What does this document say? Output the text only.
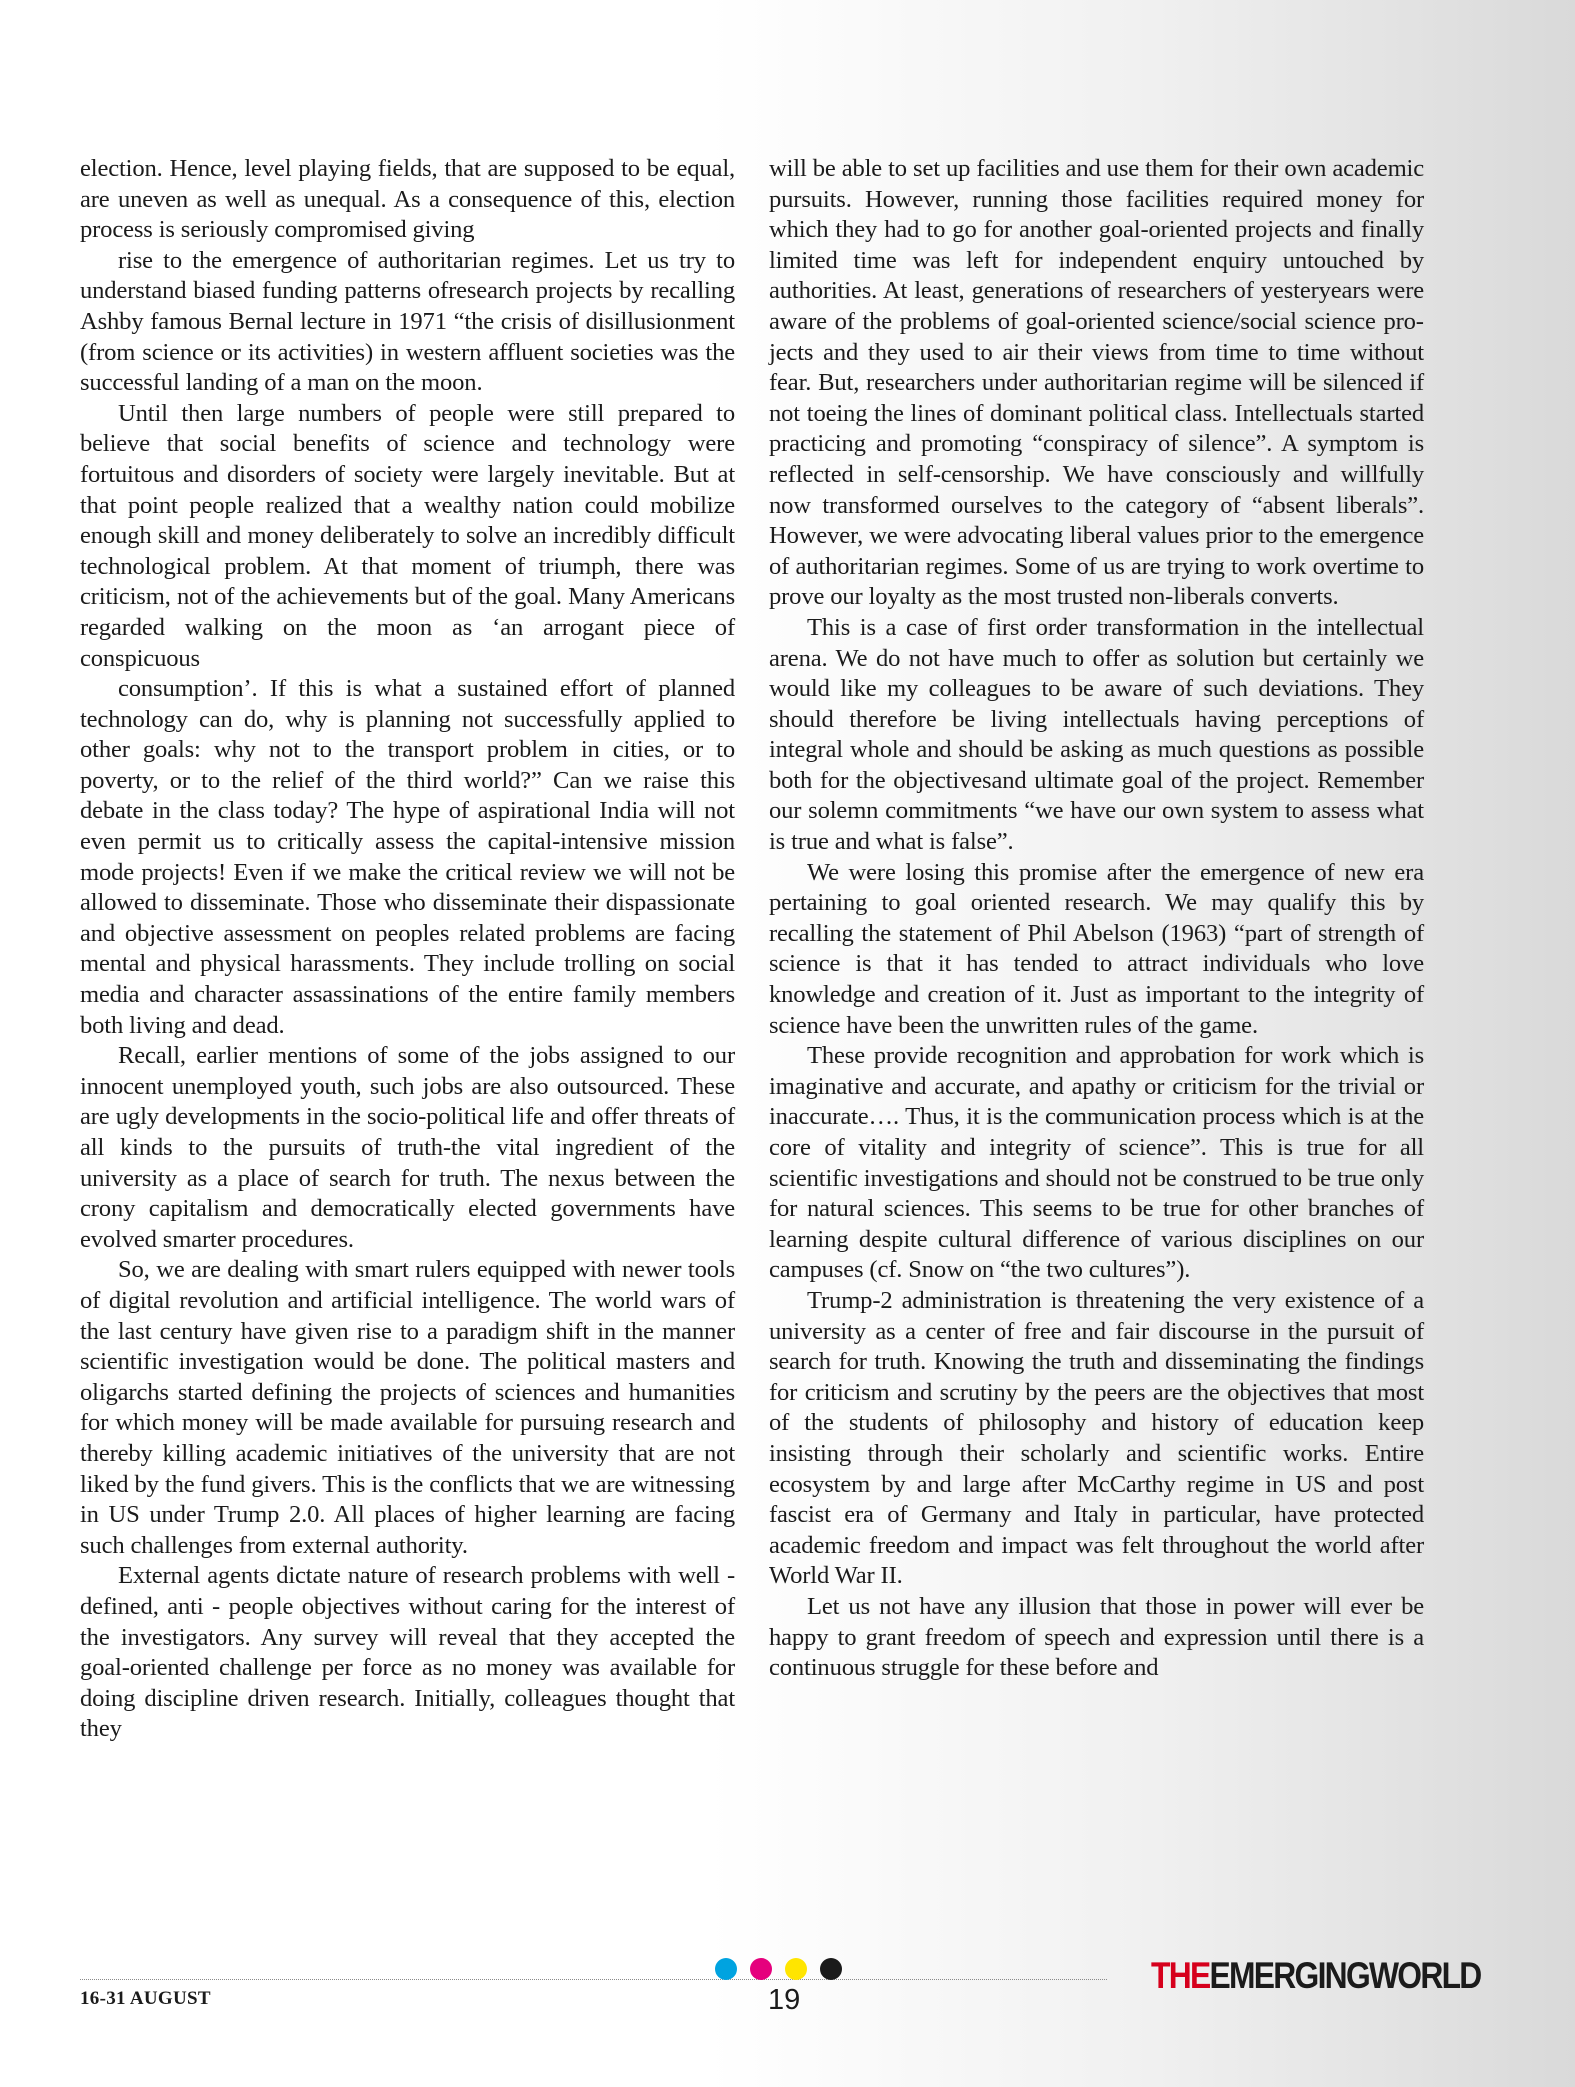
election. Hence, level playing fields, that are supposed to be equal, are uneven as well as unequal. As a consequence of this, election process is seriously compromised giving

rise to the emergence of authoritarian regimes. Let us try to understand biased funding patterns ofresearch projects by recalling Ashby famous Bernal lecture in 1971 “the crisis of disillusionment (from science or its activities) in western affluent societies was the successful landing of a man on the moon.

Until then large numbers of people were still prepared to believe that social benefits of science and technology were fortuitous and disorders of society were largely inevitable. But at that point people realized that a wealthy nation could mobilize enough skill and money deliberately to solve an incredibly difficult technological problem. At that moment of triumph, there was criticism, not of the achievements but of the goal. Many Americans regarded walking on the moon as ‘an arrogant piece of conspicuous

consumption’. If this is what a sustained effort of planned technology can do, why is planning not successfully applied to other goals: why not to the transport problem in cities, or to poverty, or to the relief of the third world?” Can we raise this debate in the class today? The hype of aspirational India will not even permit us to critically assess the capital-intensive mission mode projects! Even if we make the critical review we will not be allowed to disseminate. Those who disseminate their dispassionate and objective assessment on peoples related problems are facing mental and physical harassments. They include trolling on social media and character assassinations of the entire family members both living and dead.

Recall, earlier mentions of some of the jobs assigned to our innocent unemployed youth, such jobs are also outsourced. These are ugly developments in the socio-political life and offer threats of all kinds to the pursuits of truth-the vital ingredient of the university as a place of search for truth. The nexus between the crony capitalism and democratically elected governments have evolved smarter procedures.

So, we are dealing with smart rulers equipped with newer tools of digital revolution and artificial intelligence. The world wars of the last century have given rise to a paradigm shift in the manner scientific investigation would be done. The political masters and oligarchs started defining the projects of sciences and humanities for which money will be made available for pursuing research and thereby killing academic initiatives of the university that are not liked by the fund givers. This is the conflicts that we are witnessing in US under Trump 2.0. All places of higher learning are facing such challenges from external authority.

External agents dictate nature of research problems with well -defined, anti - people objectives without caring for the interest of the investigators. Any survey will reveal that they accepted the goal-oriented challenge per force as no money was available for doing discipline driven research. Initially, colleagues thought that they

will be able to set up facilities and use them for their own academic pursuits. However, running those facilities required money for which they had to go for another goal-oriented projects and finally limited time was left for independent enquiry untouched by authorities. At least, generations of researchers of yesteryears were aware of the problems of goal-oriented science/social science projects and they used to air their views from time to time without fear. But, researchers under authoritarian regime will be silenced if not toeing the lines of dominant political class. Intellectuals started practicing and promoting “conspiracy of silence”. A symptom is reflected in self-censorship. We have consciously and willfully now transformed ourselves to the category of “absent liberals”. However, we were advocating liberal values prior to the emergence of authoritarian regimes. Some of us are trying to work overtime to prove our loyalty as the most trusted non-liberals converts.

This is a case of first order transformation in the intellectual arena. We do not have much to offer as solution but certainly we would like my colleagues to be aware of such deviations. They should therefore be living intellectuals having perceptions of integral whole and should be asking as much questions as possible both for the objectivesand ultimate goal of the project. Remember our solemn commitments “we have our own system to assess what is true and what is false”.

We were losing this promise after the emergence of new era pertaining to goal oriented research. We may qualify this by recalling the statement of Phil Abelson (1963) “part of strength of science is that it has tended to attract individuals who love knowledge and creation of it. Just as important to the integrity of science have been the unwritten rules of the game.

These provide recognition and approbation for work which is imaginative and accurate, and apathy or criticism for the trivial or inaccurate…. Thus, it is the communication process which is at the core of vitality and integrity of science”. This is true for all scientific investigations and should not be construed to be true only for natural sciences. This seems to be true for other branches of learning despite cultural difference of various disciplines on our campuses (cf. Snow on “the two cultures”).

Trump-2 administration is threatening the very existence of a university as a center of free and fair discourse in the pursuit of search for truth. Knowing the truth and disseminating the findings for criticism and scrutiny by the peers are the objectives that most of the students of philosophy and history of education keep insisting through their scholarly and scientific works. Entire ecosystem by and large after McCarthy regime in US and post fascist era of Germany and Italy in particular, have protected academic freedom and impact was felt throughout the world after World War II.

Let us not have any illusion that those in power will ever be happy to grant freedom of speech and expression until there is a continuous struggle for these before and

16-31 AUGUST	19
THEEMERGINGWORLD
